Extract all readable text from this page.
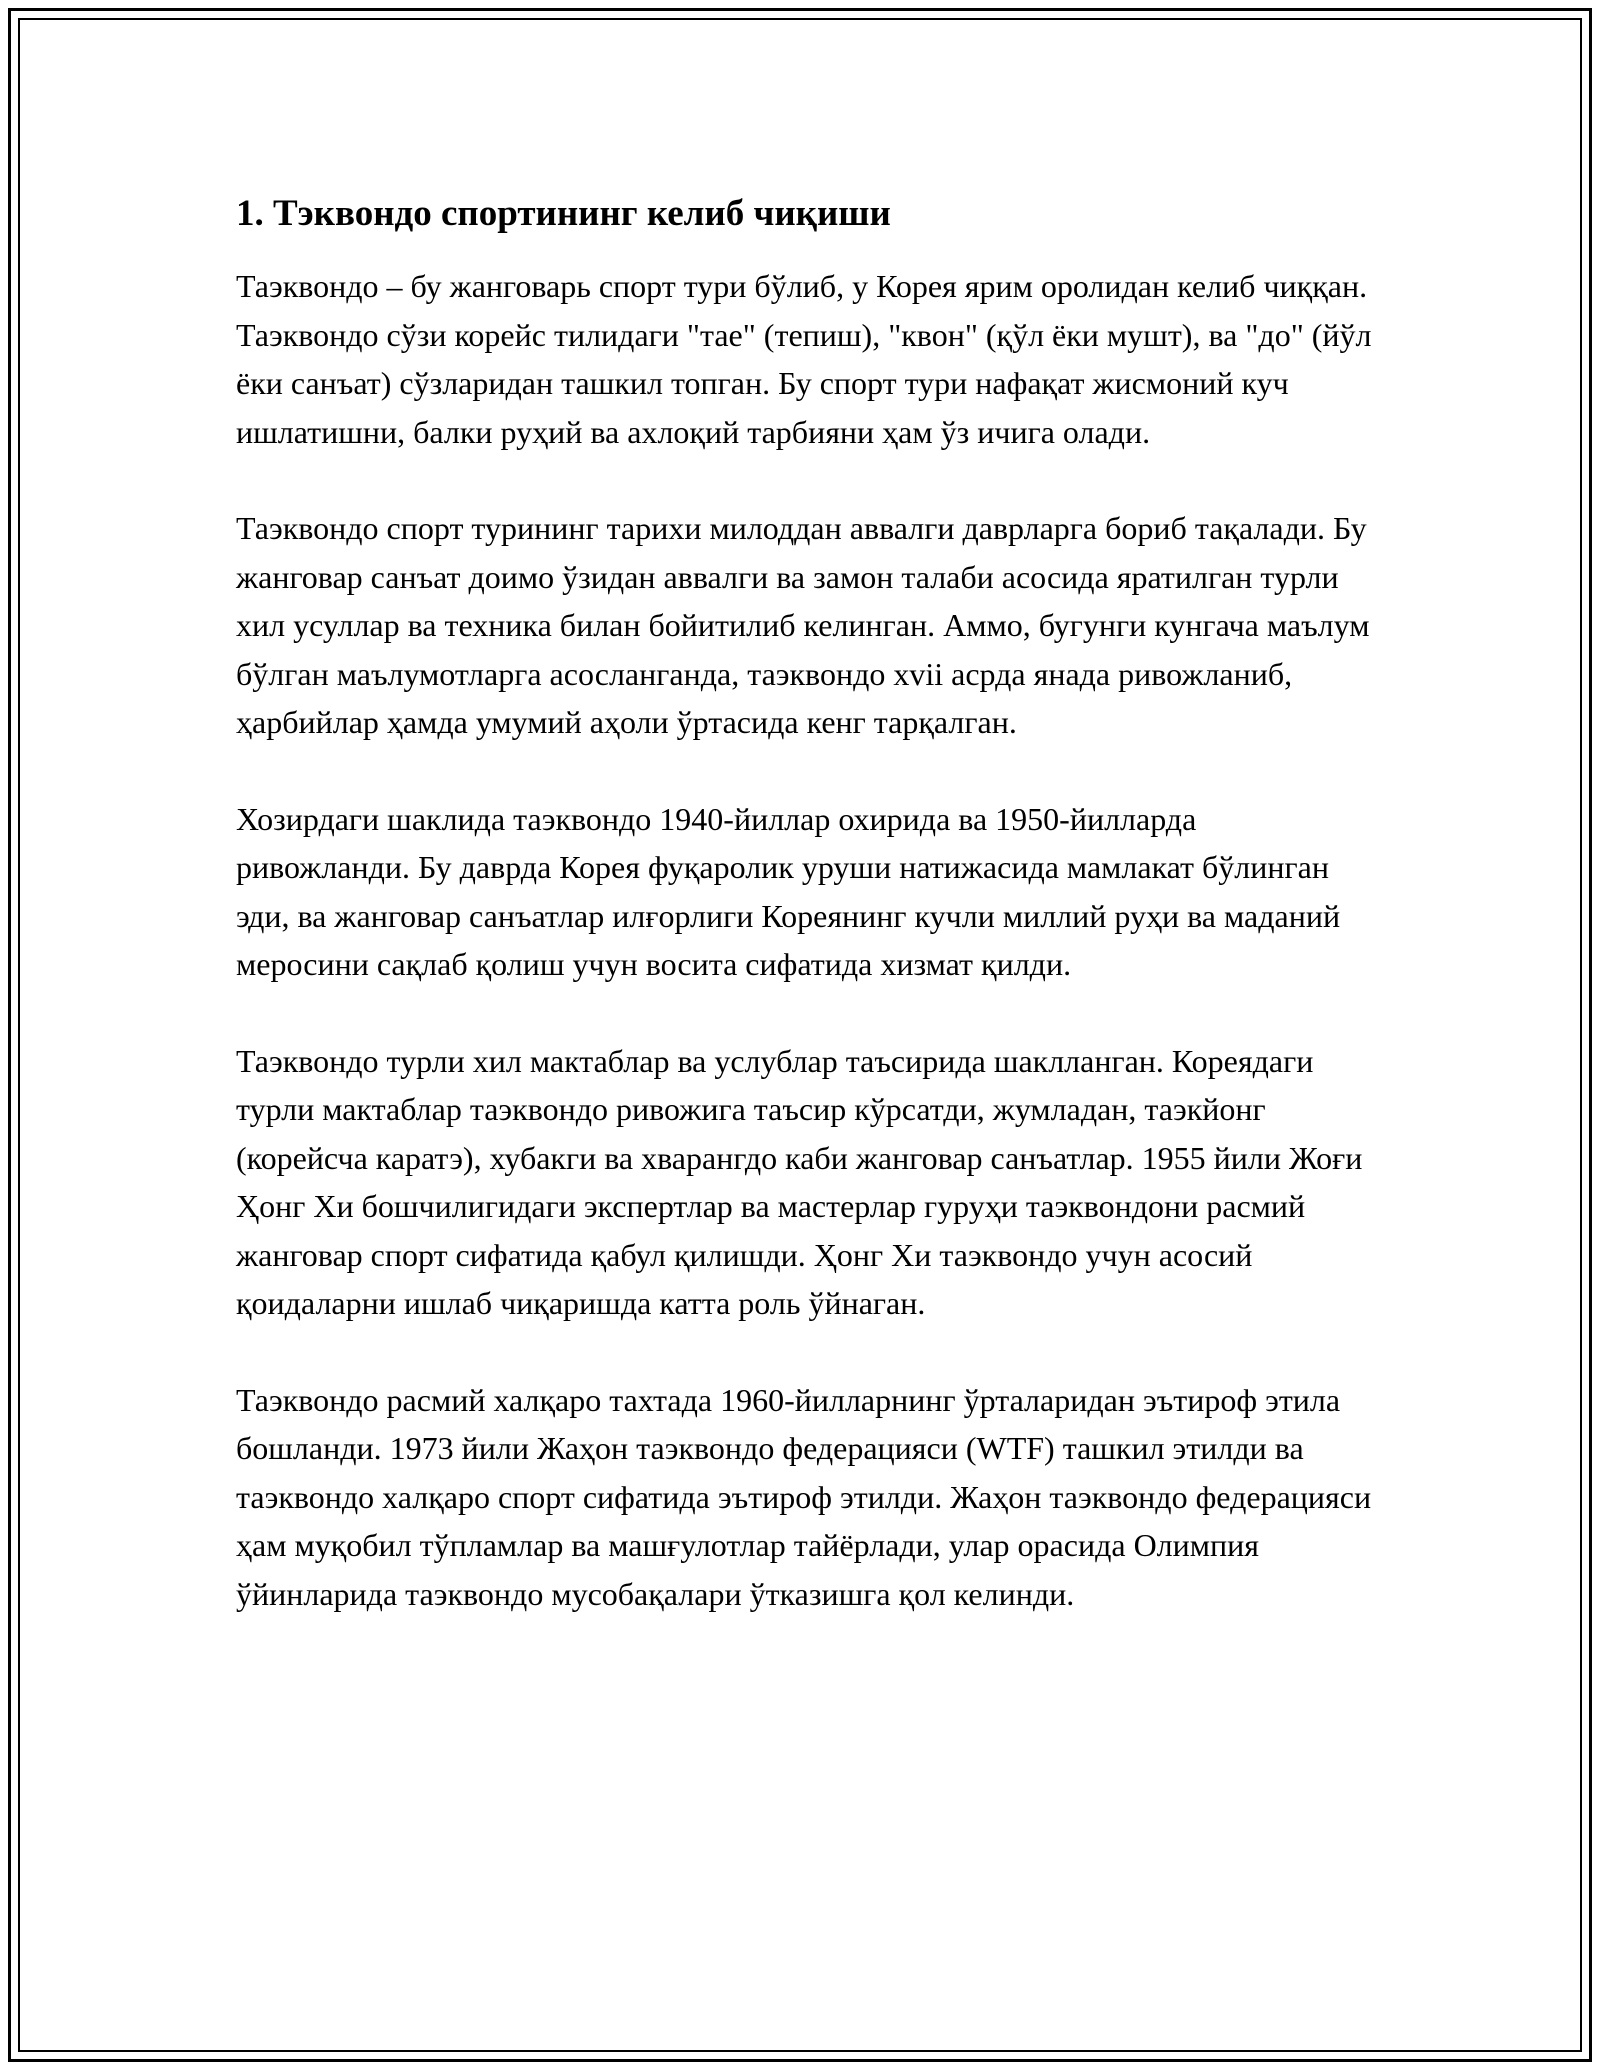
1. Тэквондо спортининг келиб чиқиши

Таэквондо – бу жанговарь спорт тури бўлиб, у Корея ярим оролидан келиб чиққан. Таэквондо сўзи корейс тилидаги "тае" (тепиш), "квон" (қўл ёки мушт), ва "до" (йўл ёки санъат) сўзларидан ташкил топган. Бу спорт тури нафақат жисмоний куч ишлатишни, балки руҳий ва ахлоқий тарбияни ҳам ўз ичига олади.

Таэквондо спорт турининг тарихи милоддан аввалги даврларга бориб тақалади. Бу жанговар санъат доимо ўзидан аввалги ва замон талаби асосида яратилган турли хил усуллар ва техника билан бойитилиб келинган. Аммо, бугунги кунгача маълум бўлган маълумотларга асосланганда, таэквондо xvii асрда янада ривожланиб, ҳарбийлар ҳамда умумий аҳоли ўртасида кенг тарқалган.

Хозирдаги шаклида таэквондо 1940-йиллар охирида ва 1950-йилларда ривожланди. Бу даврда Корея фуқаролик уруши натижасида мамлакат бўлинган эди, ва жанговар санъатлар илғорлиги Кореянинг кучли миллий руҳи ва маданий меросини сақлаб қолиш учун восита сифатида хизмат қилди.

Таэквондо турли хил мактаблар ва услублар таъсирида шаклланган. Кореядаги турли мактаблар таэквондо ривожига таъсир кўрсатди, жумладан, таэкйонг (корейсча каратэ), хубакги ва хварангдо каби жанговар санъатлар. 1955 йили Жоғи Ҳонг Хи бошчилигидаги экспертлар ва мастерлар гуруҳи таэквондони расмий жанговар спорт сифатида қабул қилишди. Ҳонг Хи таэквондо учун асосий қоидаларни ишлаб чиқаришда катта роль ўйнаган.

Таэквондо расмий халқаро тахтада 1960-йилларнинг ўрталаридан эътироф этила бошланди. 1973 йили Жаҳон таэквондо федерацияси (WTF) ташкил этилди ва таэквондо халқаро спорт сифатида эътироф этилди. Жаҳон таэквондо федерацияси ҳам муқобил тўпламлар ва машғулотлар тайёрлади, улар орасида Олимпия ўйинларида таэквондо мусобақалари ўтказишга қол келинди.
